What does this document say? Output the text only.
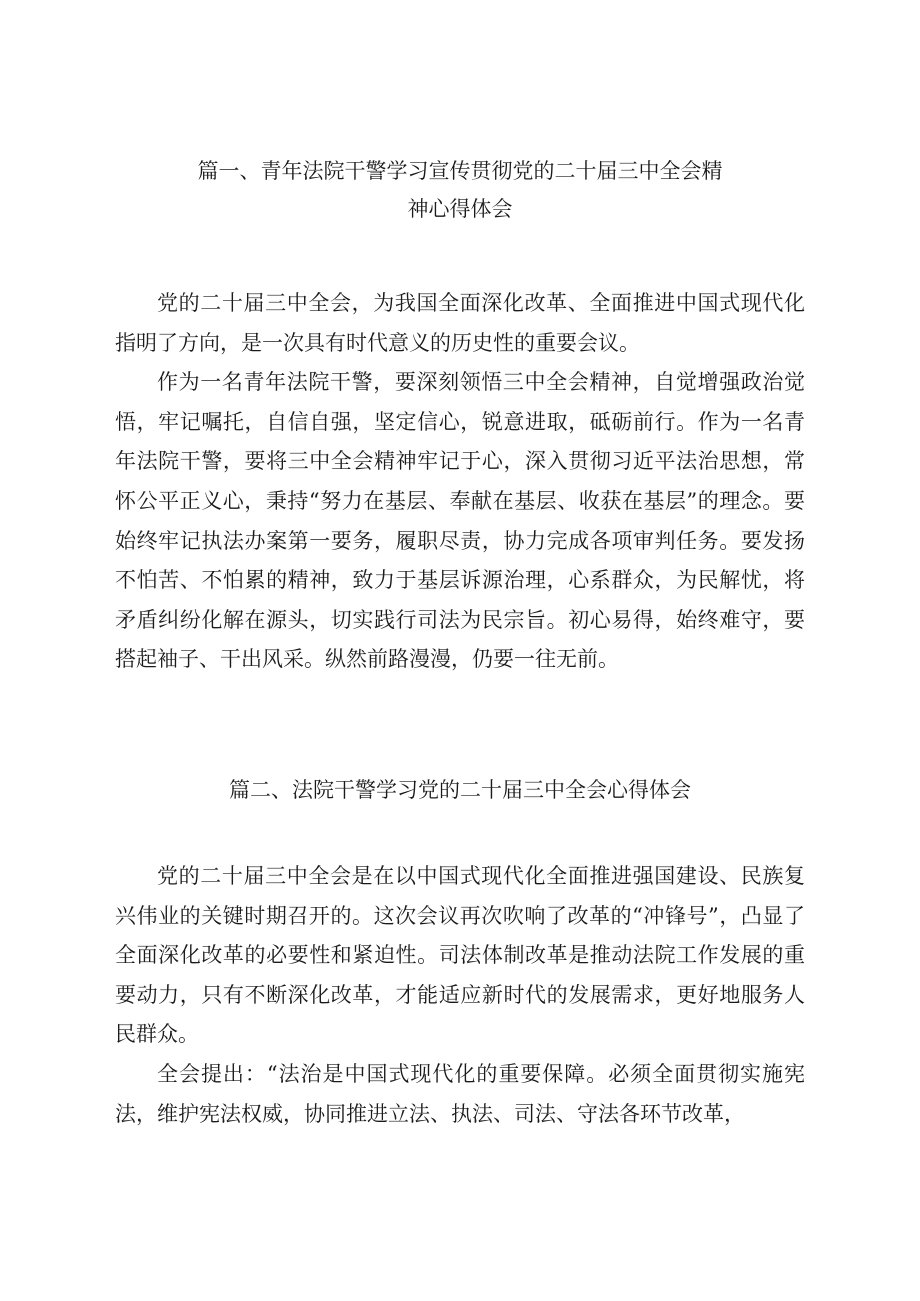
篇一、青年法院干警学习宣传贯彻党的二十届三中全会精
神心得体会

党的二十届三中全会，为我国全面深化改革、全面推进中国式现代化指明了方向，是一次具有时代意义的历史性的重要会议。

作为一名青年法院干警，要深刻领悟三中全会精神，自觉增强政治觉悟，牢记嘱托，自信自强，坚定信心，锐意进取，砥砺前行。作为一名青年法院干警，要将三中全会精神牢记于心，深入贯彻习近平法治思想，常怀公平正义心，秉持“努力在基层、奉献在基层、收获在基层”的理念。要始终牢记执法办案第一要务，履职尽责，协力完成各项审判任务。要发扬不怕苦、不怕累的精神，致力于基层诉源治理，心系群众，为民解忧，将矛盾纠纷化解在源头，切实践行司法为民宗旨。初心易得，始终难守，要搭起袖子、干出风采。纵然前路漫漫，仍要一往无前。

篇二、法院干警学习党的二十届三中全会心得体会

党的二十届三中全会是在以中国式现代化全面推进强国建设、民族复兴伟业的关键时期召开的。这次会议再次吹响了改革的“冲锋号”，凸显了全面深化改革的必要性和紧迫性。司法体制改革是推动法院工作发展的重要动力，只有不断深化改革，才能适应新时代的发展需求，更好地服务人民群众。

全会提出：“法治是中国式现代化的重要保障。必须全面贯彻实施宪法，维护宪法权威，协同推进立法、执法、司法、守法各环节改革，
